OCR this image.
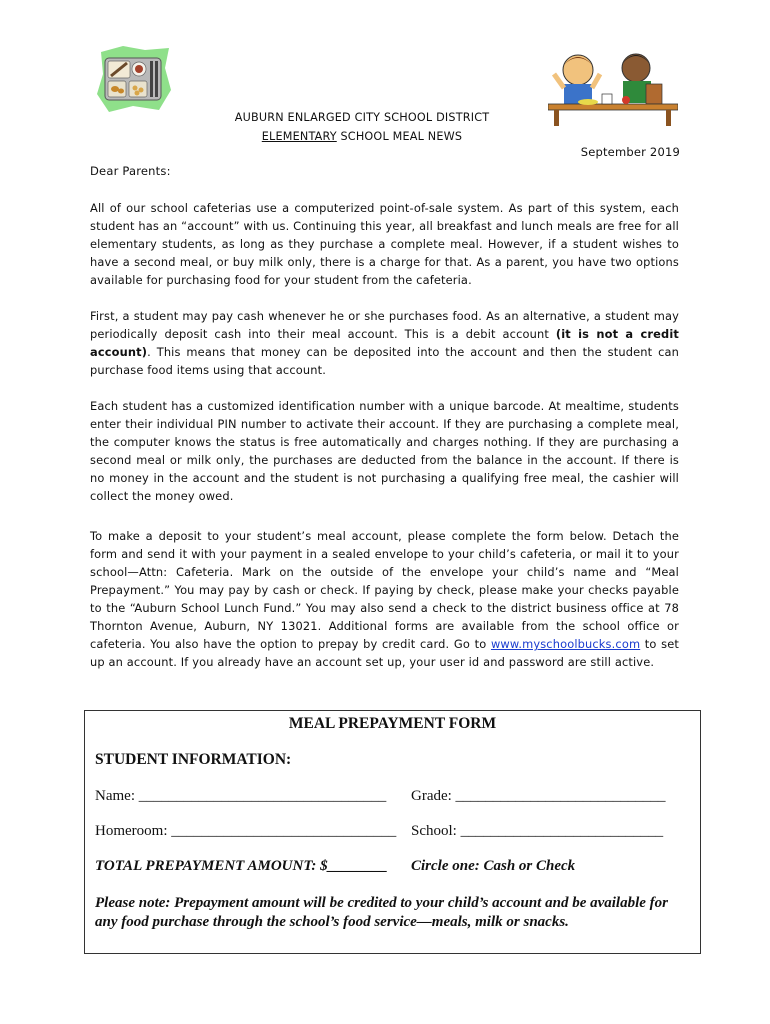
AUBURN ENLARGED CITY SCHOOL DISTRICT
ELEMENTARY SCHOOL MEAL NEWS
September 2019
Dear Parents:

All of our school cafeterias use a computerized point-of-sale system. As part of this system, each student has an “account” with us. Continuing this year, all breakfast and lunch meals are free for all elementary students, as long as they purchase a complete meal. However, if a student wishes to have a second meal, or buy milk only, there is a charge for that. As a parent, you have two options available for purchasing food for your student from the cafeteria.

First, a student may pay cash whenever he or she purchases food. As an alternative, a student may periodically deposit cash into their meal account. This is a debit account (it is not a credit account). This means that money can be deposited into the account and then the student can purchase food items using that account.

Each student has a customized identification number with a unique barcode. At mealtime, students enter their individual PIN number to activate their account. If they are purchasing a complete meal, the computer knows the status is free automatically and charges nothing. If they are purchasing a second meal or milk only, the purchases are deducted from the balance in the account. If there is no money in the account and the student is not purchasing a qualifying free meal, the cashier will collect the money owed.

To make a deposit to your student’s meal account, please complete the form below. Detach the form and send it with your payment in a sealed envelope to your child’s cafeteria, or mail it to your school—Attn: Cafeteria. Mark on the outside of the envelope your child’s name and “Meal Prepayment.” You may pay by cash or check. If paying by check, please make your checks payable to the “Auburn School Lunch Fund.” You may also send a check to the district business office at 78 Thornton Avenue, Auburn, NY 13021. Additional forms are available from the school office or cafeteria. You also have the option to prepay by credit card. Go to www.myschoolbucks.com to set up an account. If you already have an account set up, your user id and password are still active.

MEAL PREPAYMENT FORM
STUDENT INFORMATION:
Name: _________________________________ Grade: ____________________________
Homeroom: ______________________________ School: ___________________________
TOTAL PREPAYMENT AMOUNT: $________ Circle one: Cash or Check
Please note: Prepayment amount will be credited to your child’s account and be available for any food purchase through the school’s food service—meals, milk or snacks.
